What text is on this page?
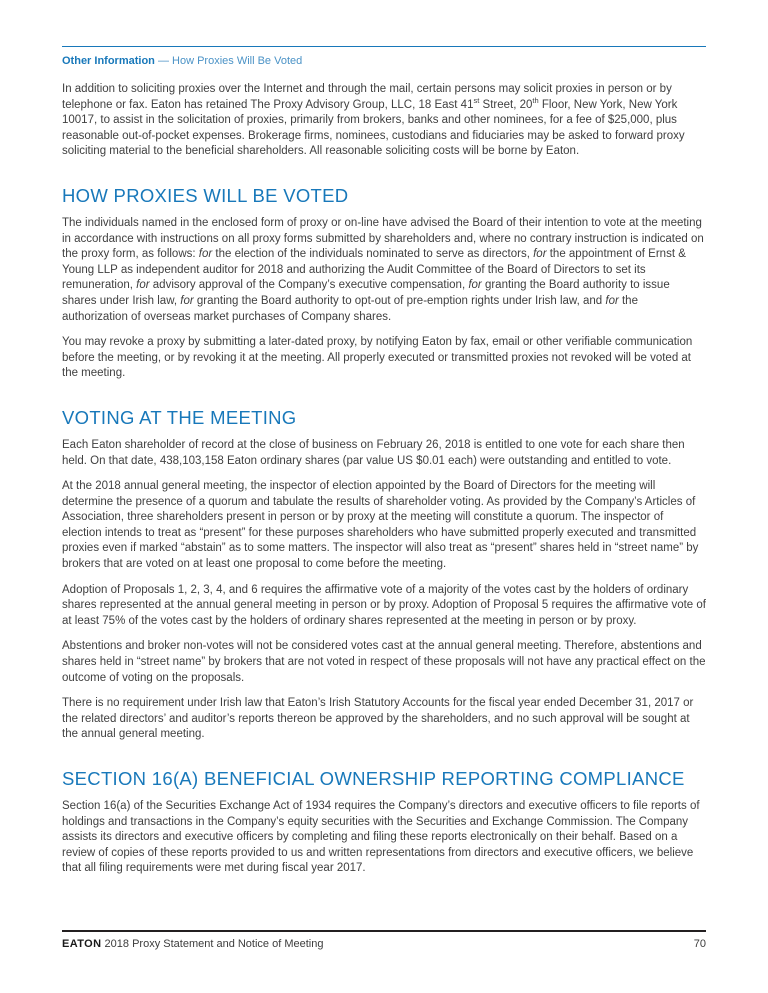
Other Information — How Proxies Will Be Voted

In addition to soliciting proxies over the Internet and through the mail, certain persons may solicit proxies in person or by telephone or fax. Eaton has retained The Proxy Advisory Group, LLC, 18 East 41st Street, 20th Floor, New York, New York 10017, to assist in the solicitation of proxies, primarily from brokers, banks and other nominees, for a fee of $25,000, plus reasonable out-of-pocket expenses. Brokerage firms, nominees, custodians and fiduciaries may be asked to forward proxy soliciting material to the beneficial shareholders. All reasonable soliciting costs will be borne by Eaton.

HOW PROXIES WILL BE VOTED

The individuals named in the enclosed form of proxy or on-line have advised the Board of their intention to vote at the meeting in accordance with instructions on all proxy forms submitted by shareholders and, where no contrary instruction is indicated on the proxy form, as follows: for the election of the individuals nominated to serve as directors, for the appointment of Ernst & Young LLP as independent auditor for 2018 and authorizing the Audit Committee of the Board of Directors to set its remuneration, for advisory approval of the Company’s executive compensation, for granting the Board authority to issue shares under Irish law, for granting the Board authority to opt-out of pre-emption rights under Irish law, and for the authorization of overseas market purchases of Company shares.

You may revoke a proxy by submitting a later-dated proxy, by notifying Eaton by fax, email or other verifiable communication before the meeting, or by revoking it at the meeting. All properly executed or transmitted proxies not revoked will be voted at the meeting.

VOTING AT THE MEETING

Each Eaton shareholder of record at the close of business on February 26, 2018 is entitled to one vote for each share then held. On that date, 438,103,158 Eaton ordinary shares (par value US $0.01 each) were outstanding and entitled to vote.

At the 2018 annual general meeting, the inspector of election appointed by the Board of Directors for the meeting will determine the presence of a quorum and tabulate the results of shareholder voting. As provided by the Company’s Articles of Association, three shareholders present in person or by proxy at the meeting will constitute a quorum. The inspector of election intends to treat as “present” for these purposes shareholders who have submitted properly executed and transmitted proxies even if marked “abstain” as to some matters. The inspector will also treat as “present” shares held in “street name” by brokers that are voted on at least one proposal to come before the meeting.

Adoption of Proposals 1, 2, 3, 4, and 6 requires the affirmative vote of a majority of the votes cast by the holders of ordinary shares represented at the annual general meeting in person or by proxy. Adoption of Proposal 5 requires the affirmative vote of at least 75% of the votes cast by the holders of ordinary shares represented at the meeting in person or by proxy.

Abstentions and broker non-votes will not be considered votes cast at the annual general meeting. Therefore, abstentions and shares held in “street name” by brokers that are not voted in respect of these proposals will not have any practical effect on the outcome of voting on the proposals.

There is no requirement under Irish law that Eaton’s Irish Statutory Accounts for the fiscal year ended December 31, 2017 or the related directors’ and auditor’s reports thereon be approved by the shareholders, and no such approval will be sought at the annual general meeting.

SECTION 16(A) BENEFICIAL OWNERSHIP REPORTING COMPLIANCE

Section 16(a) of the Securities Exchange Act of 1934 requires the Company’s directors and executive officers to file reports of holdings and transactions in the Company’s equity securities with the Securities and Exchange Commission. The Company assists its directors and executive officers by completing and filing these reports electronically on their behalf. Based on a review of copies of these reports provided to us and written representations from directors and executive officers, we believe that all filing requirements were met during fiscal year 2017.

EATON 2018 Proxy Statement and Notice of Meeting	70
